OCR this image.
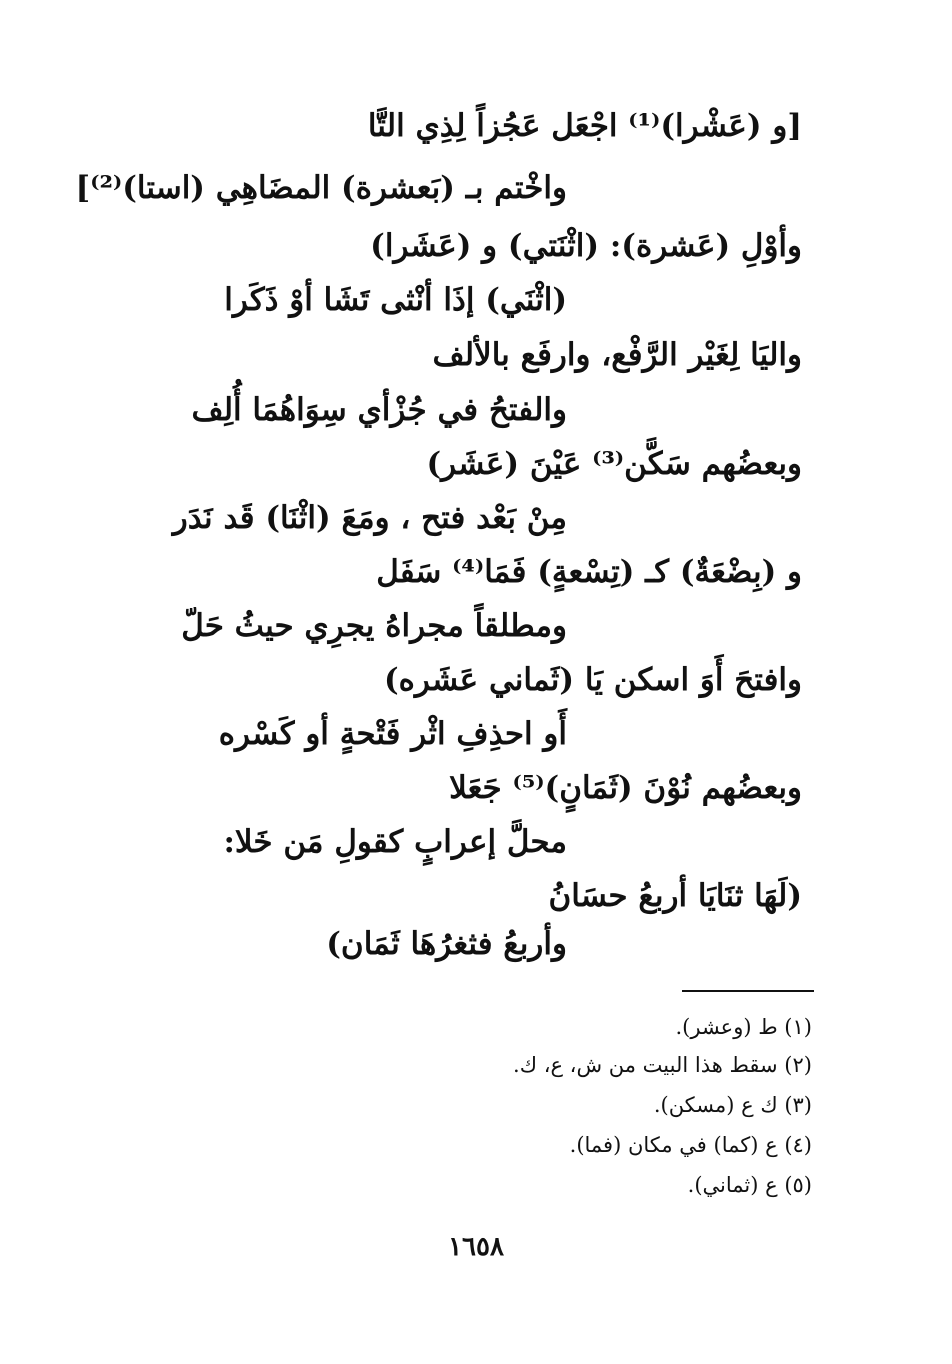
[و (عَشْرا)⁽¹⁾ اجْعَل عَجُزاً لِذِي التَّا
واخْتم بـ (بَعشرة) المضَاهِي (استا)⁽²⁾]
وأوْلِ (عَشرة): (اثْنَتي) و (عَشَرا)
(اثْنَي) إذَا أنْثى تَشَا أوْ ذَكَرا
واليَا لِغَيْر الرَّفْع، وارفَع بالألف
والفتحُ في جُزْأي سِوَاهُمَا أُلِف
وبعضُهم سَكَّن⁽³⁾ عَيْنَ (عَشَر)
مِنْ بَعْد فتح ، ومَعَ (اثْنَا) قَد نَدَر
و (بِضْعَةٌ) كـ (تِسْعةٍ) فَمَا⁽⁴⁾ سَفَل
ومطلقاً مجراهُ يجرِي حيثُ حَلّ
وافتحَ أَوَ اسكن يَا (ثَماني عَشَره)
أَو احذِفِ اثْر فَتْحةٍ أو كَسْره
وبعضُهم نُوْنَ (ثَمَانٍ)⁽⁵⁾ جَعَلا
محلَّ إعرابٍ كقولِ مَن خَلا:
(لَهَا ثنَايَا أربعُ حسَانُ
وأربعُ فثغرُهَا ثَمَان)
(١) ط (وعشر).
(٢) سقط هذا البيت من ش، ع، ك.
(٣) ك ع (مسكن).
(٤) ع (كما) في مكان (فما).
(٥) ع (ثماني).
١٦٥٨
